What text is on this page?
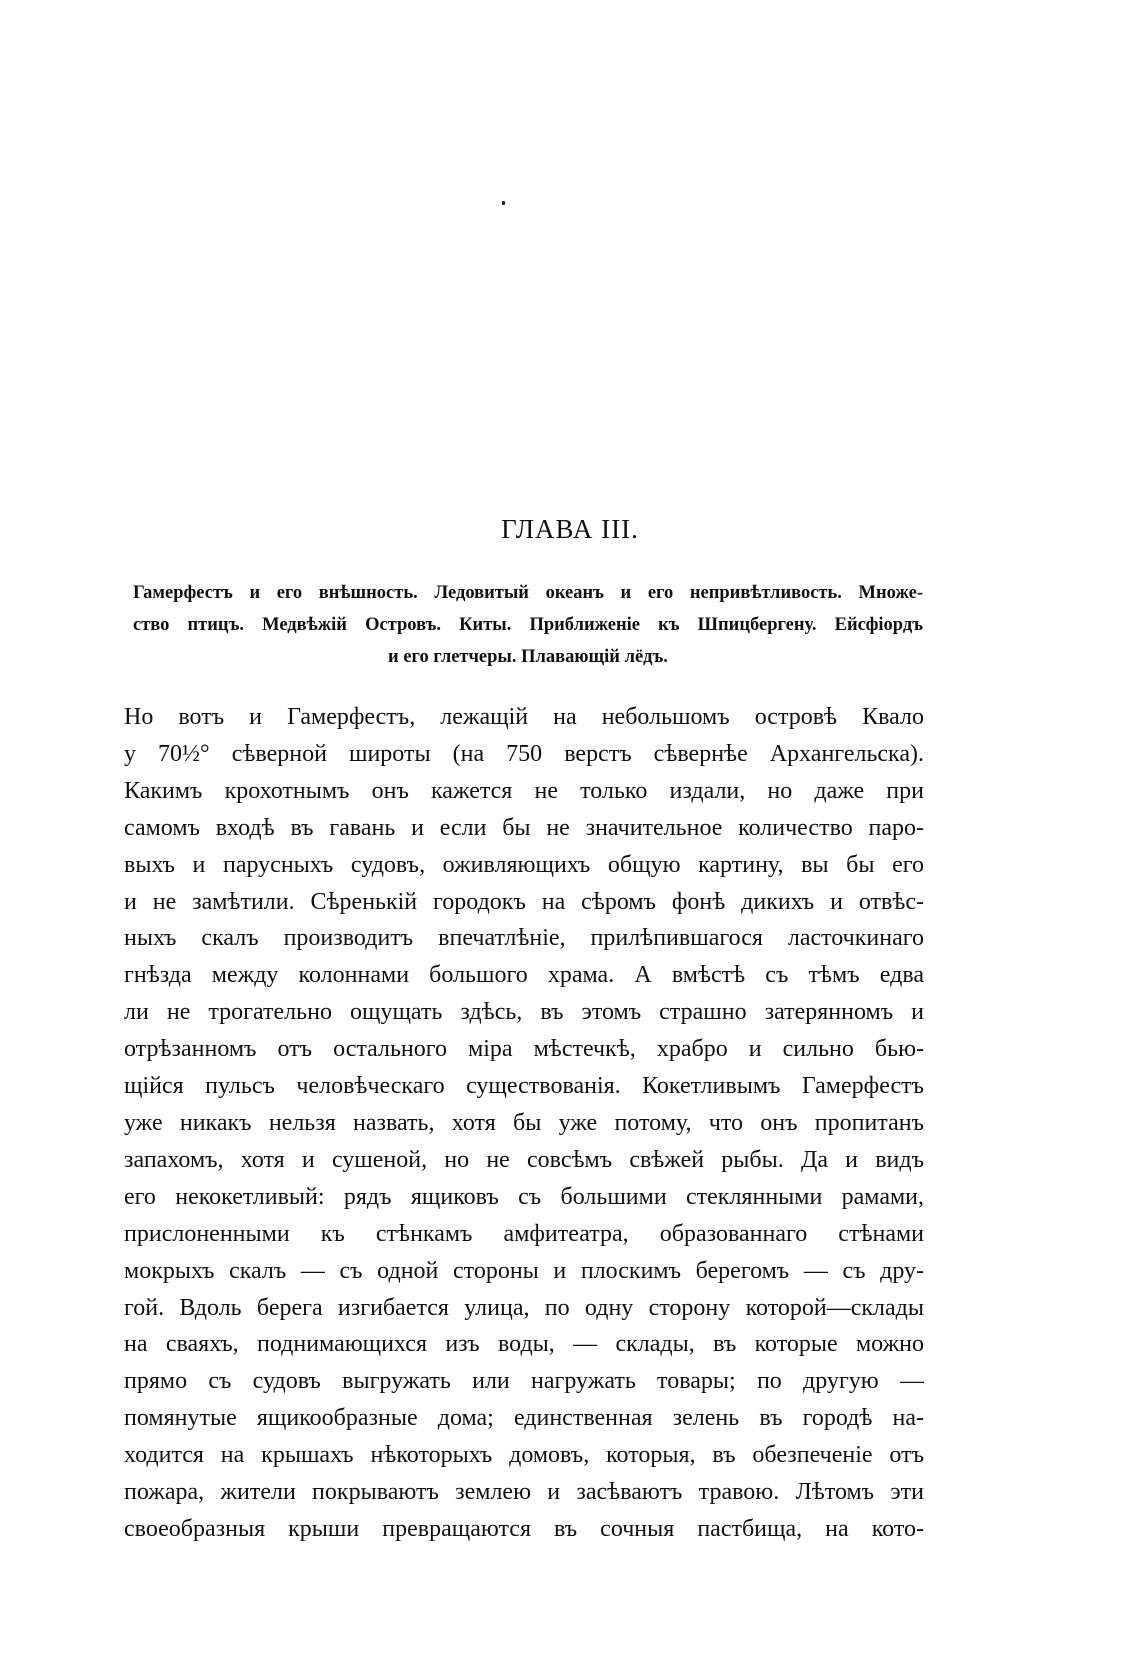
ГЛАВА III.
Гамерфестъ и его внѣшность. Ледовитый океанъ и его непривѣтливость. Множе-
ство птицъ. Медвѣжій Островъ. Киты. Приближеніе къ Шпицбергену. Ейсфіордъ
и его глетчеры. Плавающій лёдъ.
Но вотъ и Гамерфестъ, лежащій на небольшомъ островѣ Квало
у 70½° сѣверной широты (на 750 верстъ сѣвернѣе Архангельска).
Какимъ крохотнымъ онъ кажется не только издали, но даже при
самомъ входѣ въ гавань и если бы не значительное количество паро-
выхъ и парусныхъ судовъ, оживляющихъ общую картину, вы бы его
и не замѣтили. Сѣренькій городокъ на сѣромъ фонѣ дикихъ и отвѣс-
ныхъ скалъ производитъ впечатлѣніе, прилѣпившагося ласточкинаго
гнѣзда между колоннами большого храма. А вмѣстѣ съ тѣмъ едва
ли не трогательно ощущать здѣсь, въ этомъ страшно затерянномъ и
отрѣзанномъ отъ остального міра мѣстечкѣ, храбро и сильно бью-
щійся пульсъ человѣческаго существованія. Кокетливымъ Гамерфестъ
уже никакъ нельзя назвать, хотя бы уже потому, что онъ пропитанъ
запахомъ, хотя и сушеной, но не совсѣмъ свѣжей рыбы. Да и видъ
его некокетливый: рядъ ящиковъ съ большими стеклянными рамами,
прислоненными къ стѣнкамъ амфитеатра, образованнаго стѣнами
мокрыхъ скалъ — съ одной стороны и плоскимъ берегомъ — съ дру-
гой. Вдоль берега изгибается улица, по одну сторону которой—склады
на сваяхъ, поднимающихся изъ воды, — склады, въ которые можно
прямо съ судовъ выгружать или нагружать товары; по другую —
помянутые ящикообразные дома; единственная зелень въ городѣ на-
ходится на крышахъ нѣкоторыхъ домовъ, которыя, въ обезпеченіе отъ
пожара, жители покрываютъ землею и засѣваютъ травою. Лѣтомъ эти
своеобразныя крыши превращаются въ сочныя пастбища, на кото-
